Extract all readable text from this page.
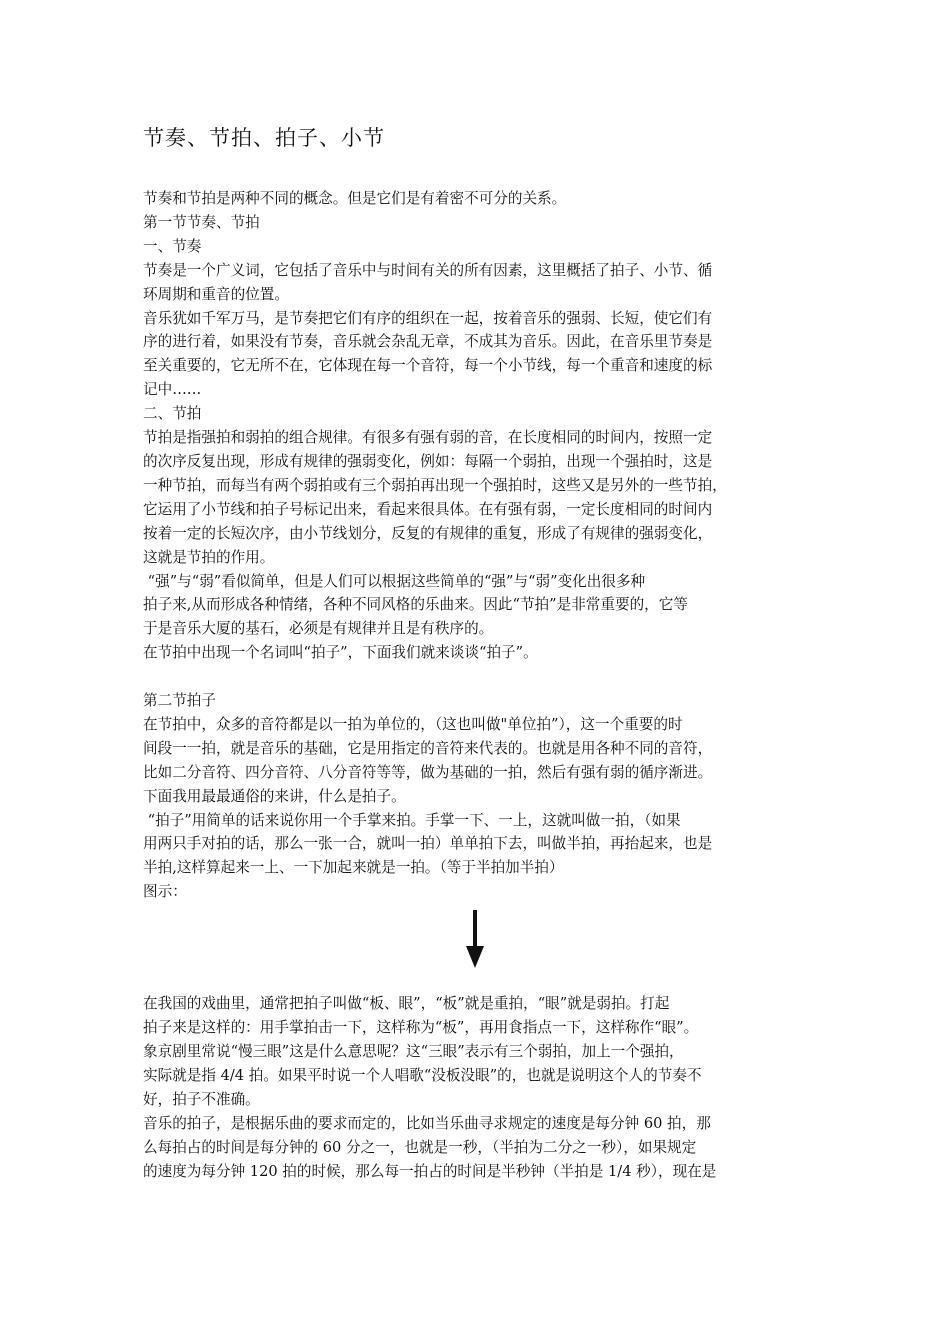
节奏、节拍、拍子、小节

节奏和节拍是两种不同的概念。但是它们是有着密不可分的关系。

第一节节奏、节拍

一、节奏

节奏是一个广义词，它包括了音乐中与时间有关的所有因素，这里概括了拍子、小节、循

环周期和重音的位置。

音乐犹如千军万马，是节奏把它们有序的组织在一起，按着音乐的强弱、长短，使它们有

序的进行着，如果没有节奏，音乐就会杂乱无章，不成其为音乐。因此，在音乐里节奏是

至关重要的，它无所不在，它体现在每一个音符，每一个小节线，每一个重音和速度的标

记中……

二、节拍

节拍是指强拍和弱拍的组合规律。有很多有强有弱的音，在长度相同的时间内，按照一定

的次序反复出现，形成有规律的强弱变化，例如：每隔一个弱拍，出现一个强拍时，这是

一种节拍，而每当有两个弱拍或有三个弱拍再出现一个强拍时，这些又是另外的一些节拍，

它运用了小节线和拍子号标记出来，看起来很具体。在有强有弱，一定长度相同的时间内

按着一定的长短次序，由小节线划分，反复的有规律的重复，形成了有规律的强弱变化，

这就是节拍的作用。

“强”与“弱”看似简单，但是人们可以根据这些简单的“强”与“弱”变化出很多种

拍子来,从而形成各种情绪，各种不同风格的乐曲来。因此“节拍”是非常重要的，它等

于是音乐大厦的基石，必须是有规律并且是有秩序的。

在节拍中出现一个名词叫“拍子”，下面我们就来谈谈“拍子”。

第二节拍子

在节拍中，众多的音符都是以一拍为单位的，（这也叫做"单位拍”），这一个重要的时

间段一一拍，就是音乐的基础，它是用指定的音符来代表的。也就是用各种不同的音符，

比如二分音符、四分音符、八分音符等等，做为基础的一拍，然后有强有弱的循序渐进。

下面我用最最通俗的来讲，什么是拍子。

“拍子”用简单的话来说你用一个手掌来拍。手掌一下、一上，这就叫做一拍，（如果

用两只手对拍的话，那么一张一合，就叫一拍）单单拍下去，叫做半拍，再抬起来，也是

半拍,这样算起来一上、一下加起来就是一拍。（等于半拍加半拍）

图示：

在我国的戏曲里，通常把拍子叫做“板、眼”，“板”就是重拍，“眼”就是弱拍。打起

拍子来是这样的：用手掌拍击一下，这样称为“板”，再用食指点一下，这样称作“眼”。

象京剧里常说“慢三眼”这是什么意思呢？这“三眼”表示有三个弱拍，加上一个强拍，

实际就是指 4/4 拍。如果平时说一个人唱歌“没板没眼”的，也就是说明这个人的节奏不

好，拍子不准确。

音乐的拍子，是根据乐曲的要求而定的，比如当乐曲寻求规定的速度是每分钟 60 拍，那

么每拍占的时间是每分钟的 60 分之一，也就是一秒，（半拍为二分之一秒），如果规定

的速度为每分钟 120 拍的时候，那么每一拍占的时间是半秒钟（半拍是 1/4 秒），现在是
